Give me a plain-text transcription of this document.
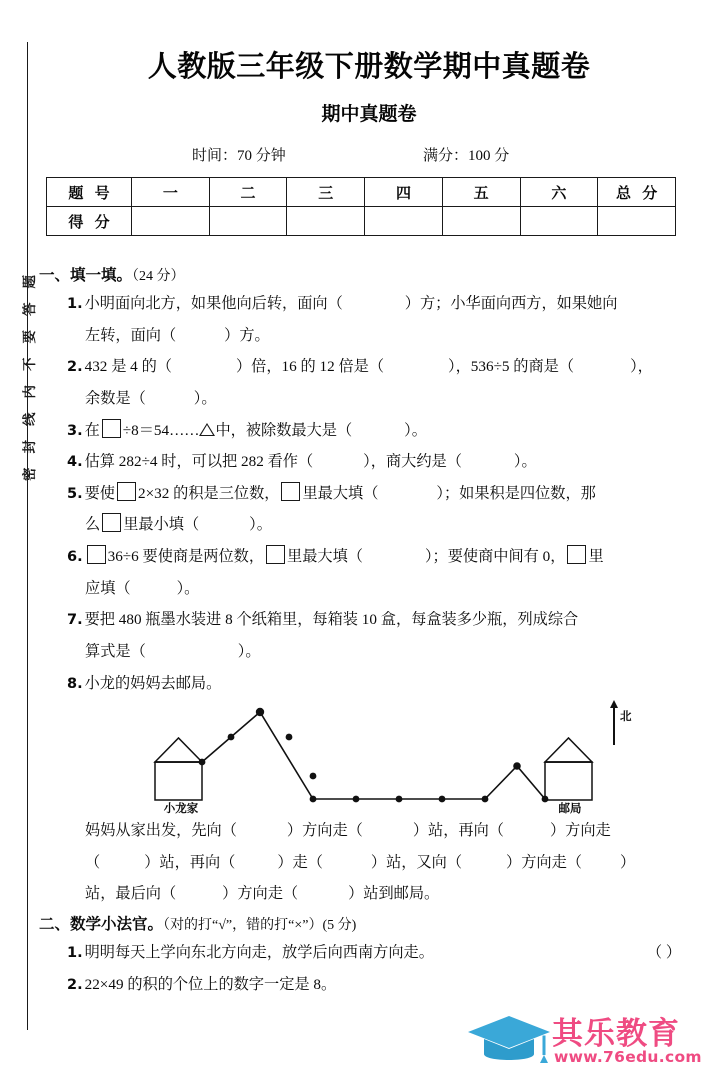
密封线内不要答题
人教版三年级下册数学期中真题卷
期中真题卷
时间：70 分钟	满分：100 分
题 号	一	二	三	四	五	六	总 分
得 分							
一、填一填。（24 分）
1. 小明面向北方，如果他向后转，面向（	）方；小华面向西方，如果她向
左转，面向（	）方。
2. 432 是 4 的（	）倍，16 的 12 倍是（	），536÷5 的商是（	），
余数是（	）。
3. 在 ÷8＝54…… 中，被除数最大是（	）。
4. 估算 282÷4 时，可以把 282 看作（	），商大约是（	）。
5. 要使 2×32 的积是三位数， 里最大填（	）；如果积是四位数，那
么 里最小填（	）。
6. 36÷6 要使商是两位数， 里最大填（	）；要使商中间有 0， 里
应填（	）。
7. 要把 480 瓶墨水装进 8 个纸箱里，每箱装 10 盒，每盒装多少瓶，列成综合
算式是（	）。
8. 小龙的妈妈去邮局。
小龙家	邮局
北
妈妈从家出发，先向（	）方向走（	）站，再向（	）方向走
（	）站，再向（	）走（	）站，又向（	）方向走（	）
站，最后向（	）方向走（	）站到邮局。
二、数学小法官。（对的打“√”，错的打“×”）(5 分)
1. 明明每天上学向东北方向走，放学后向西南方向走。	（ ）
2. 22×49 的积的个位上的数字一定是 8。
其乐教育
www.76edu.com
